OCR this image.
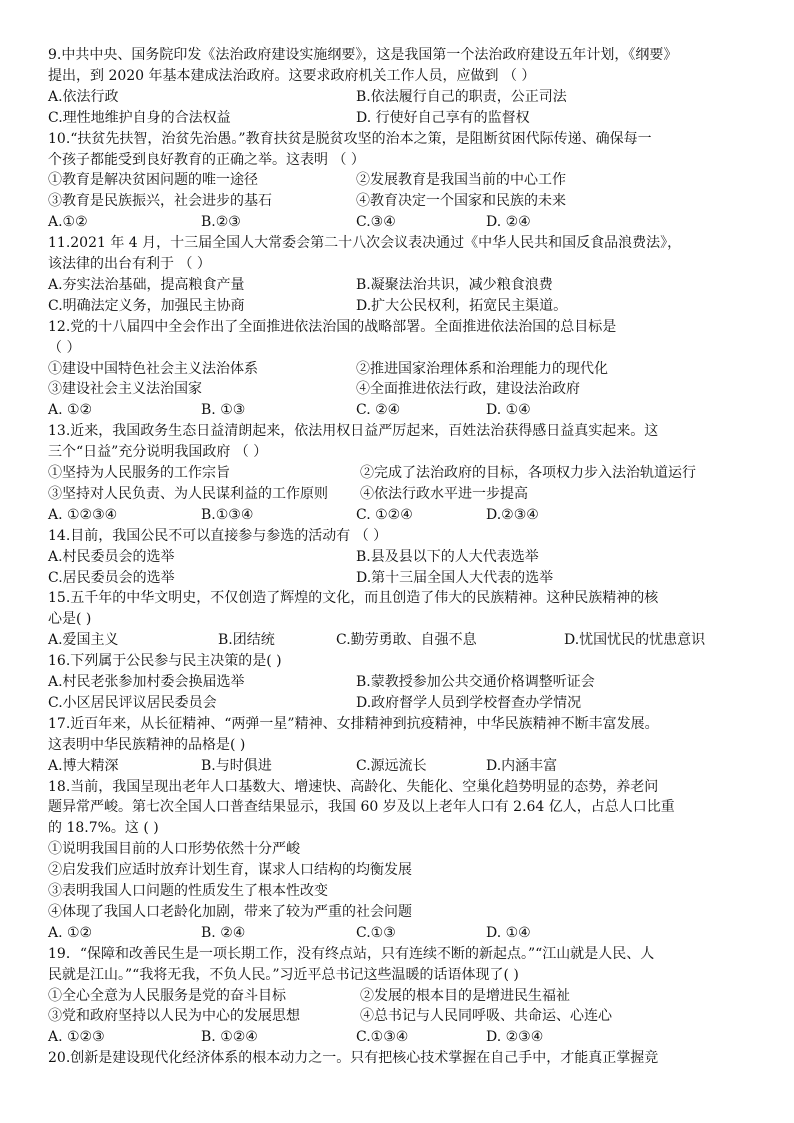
9.中共中央、国务院印发《法治政府建设实施纲要》，这是我国第一个法治政府建设五年计划，《纲要》
提出，到 2020 年基本建成法治政府。这要求政府机关工作人员，应做到 （ ）
A.依法行政	B.依法履行自己的职责，公正司法
C.理性地维护自身的合法权益	D. 行使好自己享有的监督权
10.“扶贫先扶智，治贫先治愚。”教育扶贫是脱贫攻坚的治本之策，是阻断贫困代际传递、确保每一
个孩子都能受到良好教育的正确之举。这表明 （ ）
①教育是解决贫困问题的唯一途径	②发展教育是我国当前的中心工作
③教育是民族振兴，社会进步的基石	④教育决定一个国家和民族的未来
A.①②	B.②③	C.③④	D. ②④
11.2021 年 4 月，十三届全国人大常委会第二十八次会议表决通过《中华人民共和国反食品浪费法》，
该法律的出台有利于 （ ）
A.夯实法治基础，提高粮食产量	B.凝聚法治共识，减少粮食浪费
C.明确法定义务，加强民主协商	D.扩大公民权利，拓宽民主渠道。
12.党的十八届四中全会作出了全面推进依法治国的战略部署。全面推进依法治国的总目标是
（ ）
①建设中国特色社会主义法治体系	②推进国家治理体系和治理能力的现代化
③建设社会主义法治国家	④全面推进依法行政，建设法治政府
A. ①②	B. ①③	C. ②④	D. ①④
13.近来，我国政务生态日益清朗起来，依法用权日益严厉起来，百姓法治获得感日益真实起来。这
三个“日益”充分说明我国政府 （ ）
①坚持为人民服务的工作宗旨	②完成了法治政府的目标，各项权力步入法治轨道运行
③坚持对人民负责、为人民谋利益的工作原则 ④依法行政水平进一步提高
A. ①②③④	B.①③④	C. ①②④	D.②③④
14.目前，我国公民不可以直接参与参选的活动有 （ ）
A.村民委员会的选举	B.县及县以下的人大代表选举
C.居民委员会的选举	D.第十三届全国人大代表的选举
15.五千年的中华文明史，不仅创造了辉煌的文化，而且创造了伟大的民族精神。这种民族精神的核
心是( )
A.爱国主义	B.团结统	C.勤劳勇敢、自强不息	D.忧国忧民的忧患意识
16.下列属于公民参与民主决策的是( )
A.村民老张参加村委会换届选举	B.蒙教授参加公共交通价格调整听证会
C.小区居民评议居民委员会	D.政府督学人员到学校督查办学情况
17.近百年来，从长征精神、“两弹一星”精神、女排精神到抗疫精神，中华民族精神不断丰富发展。
这表明中华民族精神的品格是( )
A.博大精深	B.与时俱进	C.源远流长	D.内涵丰富
18.当前，我国呈现出老年人口基数大、增速快、高龄化、失能化、空巢化趋势明显的态势，养老问
题异常严峻。第七次全国人口普查结果显示，我国 60 岁及以上老年人口有 2.64 亿人，占总人口比重
的 18.7%。这 ( )
①说明我国目前的人口形势依然十分严峻
②启发我们应适时放弃计划生育，谋求人口结构的均衡发展
③表明我国人口问题的性质发生了根本性改变
④体现了我国人口老龄化加剧，带来了较为严重的社会问题
A. ①②	B. ②④	C.①③	D. ①④
19．“保障和改善民生是一项长期工作，没有终点站，只有连续不断的新起点。”“江山就是人民、人
民就是江山。”“我将无我，不负人民。”习近平总书记这些温暖的话语体现了( )
①全心全意为人民服务是党的奋斗目标	②发展的根本目的是增进民生福祉
③党和政府坚持以人民为中心的发展思想	④总书记与人民同呼吸、共命运、心连心
A. ①②③	B. ①②④	C.①③④	D. ②③④
20.创新是建设现代化经济体系的根本动力之一。只有把核心技术掌握在自己手中，才能真正掌握竞
